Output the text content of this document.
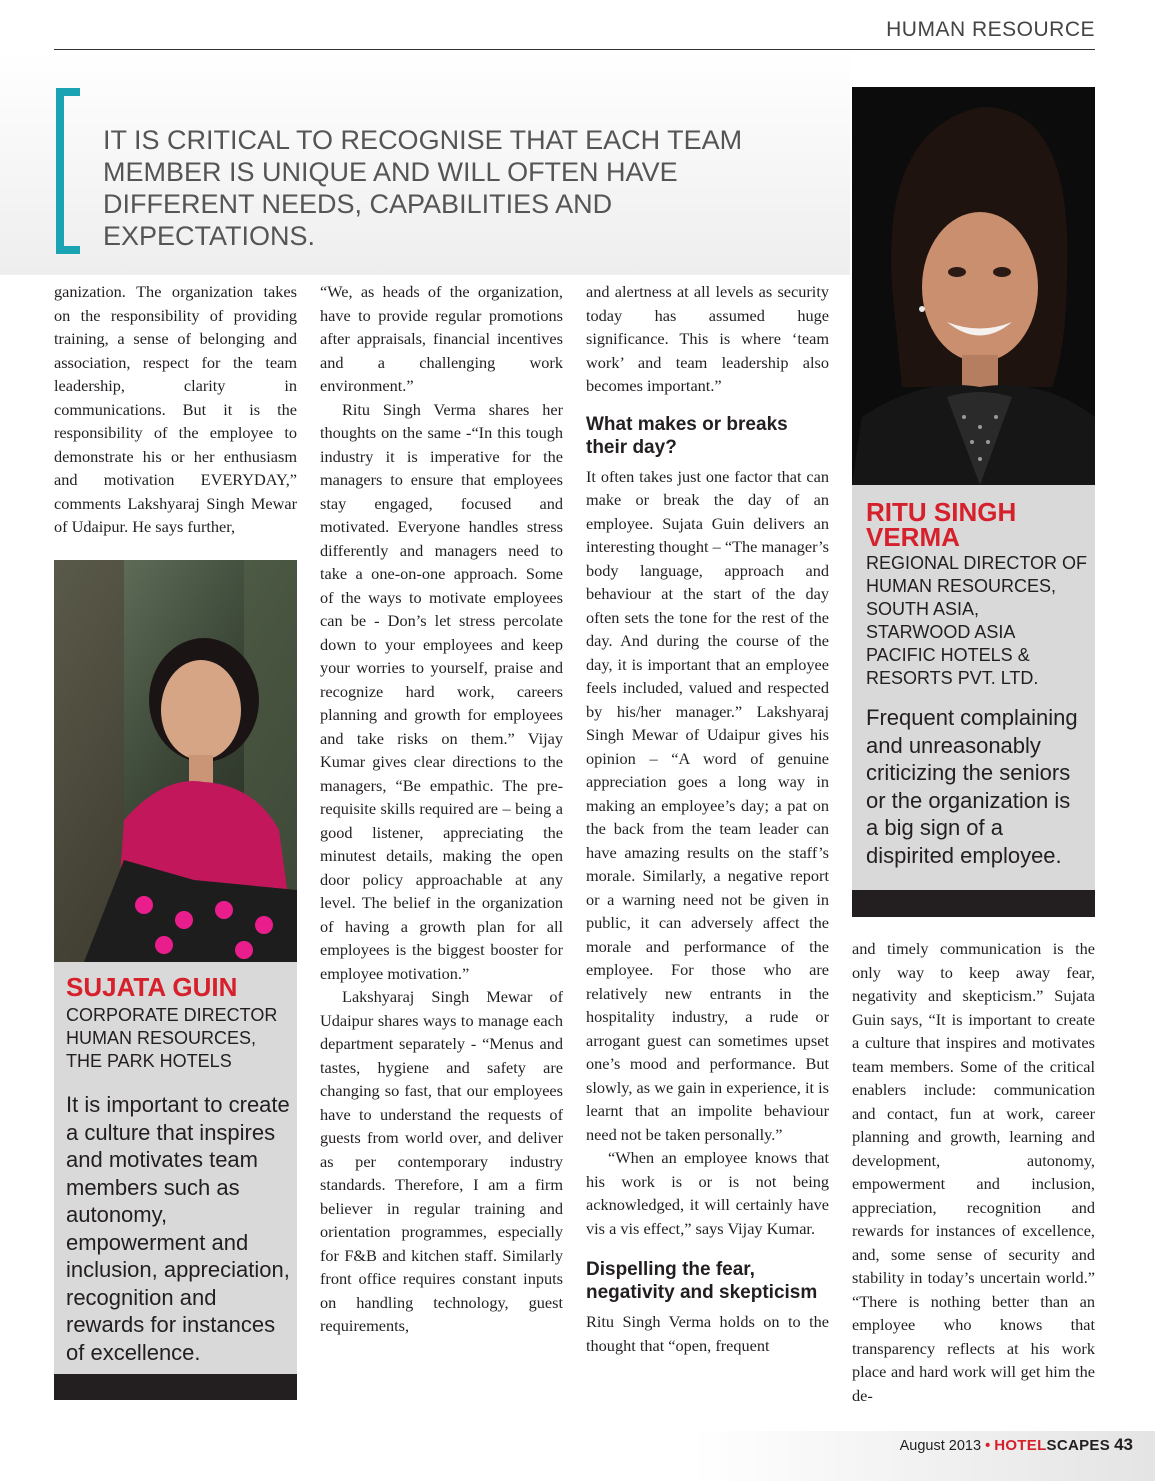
HUMAN RESOURCE

IT IS CRITICAL TO RECOGNISE THAT EACH TEAM MEMBER IS UNIQUE AND WILL OFTEN HAVE DIFFERENT NEEDS, CAPABILITIES AND EXPECTATIONS.

ganization. The organization takes on the responsibility of providing training, a sense of belonging and association, respect for the team leadership, clarity in communications. But it is the responsibility of the employee to demonstrate his or her enthusiasm and motivation EVERYDAY,” comments Lakshyaraj Singh Mewar of Udaipur. He says further,

SUJATA GUIN

CORPORATE DIRECTOR HUMAN RESOURCES, THE PARK HOTELS

It is important to create a culture that inspires and motivates team members such as autonomy, empowerment and inclusion, appreciation, recognition and rewards for instances of excellence.

“We, as heads of the organization, have to provide regular promotions after appraisals, financial incentives and a challenging work environment.”

Ritu Singh Verma shares her thoughts on the same -“In this tough industry it is imperative for the managers to ensure that employees stay engaged, focused and motivated. Everyone handles stress differently and managers need to take a one-on-one approach. Some of the ways to motivate employees can be - Don’s let stress percolate down to your employees and keep your worries to yourself, praise and recognize hard work, careers planning and growth for employees and take risks on them.” Vijay Kumar gives clear directions to the managers, “Be empathic. The pre-requisite skills required are – being a good listener, appreciating the minutest details, making the open door policy approachable at any level. The belief in the organization of having a growth plan for all employees is the biggest booster for employee motivation.”

Lakshyaraj Singh Mewar of Udaipur shares ways to manage each department separately - “Menus and tastes, hygiene and safety are changing so fast, that our employees have to understand the requests of guests from world over, and deliver as per contemporary industry standards. Therefore, I am a firm believer in regular training and orientation programmes, especially for F&B and kitchen staff. Similarly front office requires constant inputs on handling technology, guest requirements,

and alertness at all levels as security today has assumed huge significance. This is where ‘team work’ and team leadership also becomes important.”

What makes or breaks their day?

It often takes just one factor that can make or break the day of an employee. Sujata Guin delivers an interesting thought – “The manager’s body language, approach and behaviour at the start of the day often sets the tone for the rest of the day. And during the course of the day, it is important that an employee feels included, valued and respected by his/her manager.” Lakshyaraj Singh Mewar of Udaipur gives his opinion – “A word of genuine appreciation goes a long way in making an employee’s day; a pat on the back from the team leader can have amazing results on the staff’s morale. Similarly, a negative report or a warning need not be given in public, it can adversely affect the morale and performance of the employee. For those who are relatively new entrants in the hospitality industry, a rude or arrogant guest can sometimes upset one’s mood and performance. But slowly, as we gain in experience, it is learnt that an impolite behaviour need not be taken personally.”

“When an employee knows that his work is or is not being acknowledged, it will certainly have vis a vis effect,” says Vijay Kumar.

Dispelling the fear, negativity and skepticism

Ritu Singh Verma holds on to the thought that “open, frequent

RITU SINGH VERMA

REGIONAL DIRECTOR OF HUMAN RESOURCES, SOUTH ASIA, STARWOOD ASIA PACIFIC HOTELS & RESORTS PVT. LTD.

Frequent complaining and unreasonably criticizing the seniors or the organization is a big sign of a dispirited employee.

and timely communication is the only way to keep away fear, negativity and skepticism.” Sujata Guin says, “It is important to create a culture that inspires and motivates team members. Some of the critical enablers include: communication and contact, fun at work, career planning and growth, learning and development, autonomy, empowerment and inclusion, appreciation, recognition and rewards for instances of excellence, and, some sense of security and stability in today’s uncertain world.” “There is nothing better than an employee who knows that transparency reflects at his work place and hard work will get him the de-

August 2013 • HOTELSCAPES 43
